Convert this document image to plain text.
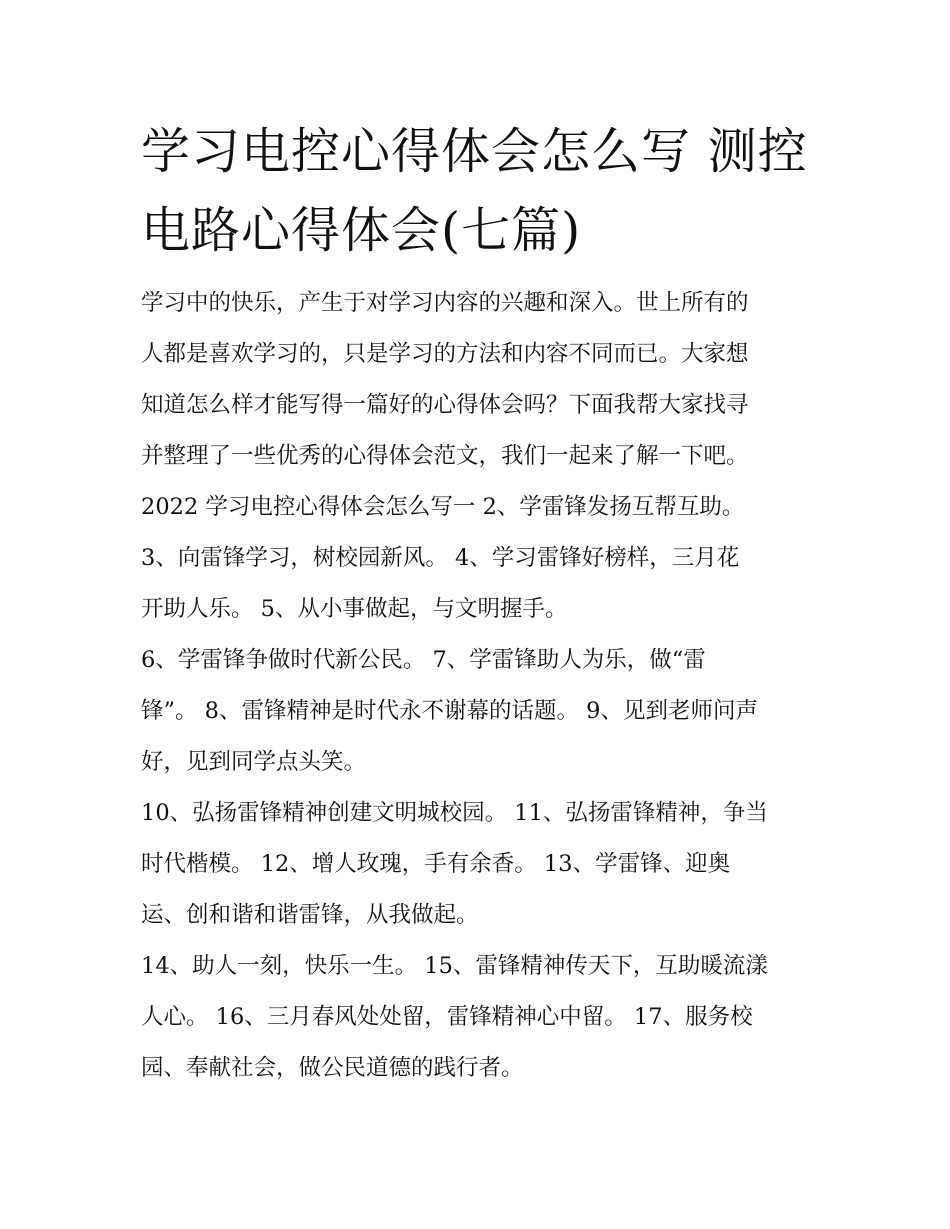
学习电控心得体会怎么写 测控
电路心得体会(七篇)
学习中的快乐，产生于对学习内容的兴趣和深入。世上所有的
人都是喜欢学习的，只是学习的方法和内容不同而已。大家想
知道怎么样才能写得一篇好的心得体会吗？下面我帮大家找寻
并整理了一些优秀的心得体会范文，我们一起来了解一下吧。
2022 学习电控心得体会怎么写一 2、学雷锋发扬互帮互助。
3、向雷锋学习，树校园新风。 4、学习雷锋好榜样，三月花
开助人乐。 5、从小事做起，与文明握手。
6、学雷锋争做时代新公民。 7、学雷锋助人为乐，做“雷
锋”。 8、雷锋精神是时代永不谢幕的话题。 9、见到老师问声
好，见到同学点头笑。
10、弘扬雷锋精神创建文明城校园。 11、弘扬雷锋精神，争当
时代楷模。 12、增人玫瑰，手有余香。 13、学雷锋、迎奥
运、创和谐和谐雷锋，从我做起。
14、助人一刻，快乐一生。 15、雷锋精神传天下，互助暖流漾
人心。 16、三月春风处处留，雷锋精神心中留。 17、服务校
园、奉献社会，做公民道德的践行者。
